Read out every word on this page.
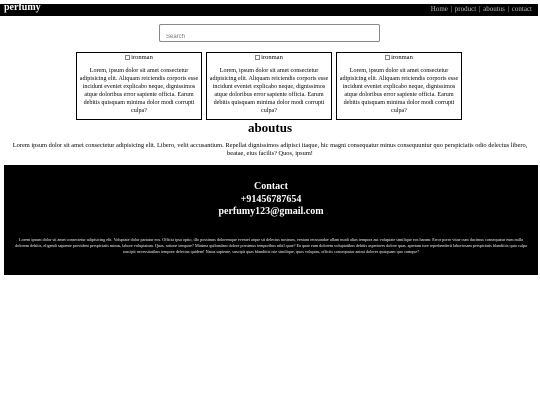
perfumy	Home | product | aboutus | contact
Search
ironman
Lorem, ipsum dolor sit amet consectetur adipisicing elit. Aliquam reiciendis corporis esse incidunt eveniet explicabo neque, dignissimos atque doloribus error sapiente officia. Earum debitis quisquam minima dolor modi corrupti culpa?
ironman
Lorem, ipsum dolor sit amet consectetur adipisicing elit. Aliquam reiciendis corporis esse incidunt eveniet explicabo neque, dignissimos atque doloribus error sapiente officia. Earum debitis quisquam minima dolor modi corrupti culpa?
ironman
Lorem, ipsum dolor sit amet consectetur adipisicing elit. Aliquam reiciendis corporis esse incidunt eveniet explicabo neque, dignissimos atque doloribus error sapiente officia. Earum debitis quisquam minima dolor modi corrupti culpa?
aboutus
Lorem ipsum dolor sit amet consectetur adipisicing elit. Libero, velit accusantium. Repellat dignissimos adipisci itaque, hic magni consequatur minus consequuntur quo perspiciatis odio delectus libero, beatae, eius facilis? Quos, ipsum!
Contact
+91456787654
perfumy123@gmail.com
Lorem ipsum dolor sit amet consectetur adipisicing elit. Voluptate dolor pariatur eos. Officia ipsa optio, illo possimus doloremque eveniet atque sit delectus nostrum, veniam recusandae ullam modi alias tempora aut voluptate similique eos harum. Error porro vitae cum ducimus consequatur eum nulla dolorem debitis, eligendi sapiente provident perspiciatis minus, labore voluptatum. Quas, ratione tempore? Minima quibusdam dolore possimus temporibus nihil quae? Ea quae eum dolorem voluptatibus debitis asperiores dolore quas, aperiam iure reprehenderit laboriosam perspiciatis blanditiis quia culpa suscipit necessitatibus tempore delectus quidem! Natus sapiente, suscipit quas blanditiis iste similique, quos voluptas, officiis consequatur animi dolores quisquam quo cumque?
